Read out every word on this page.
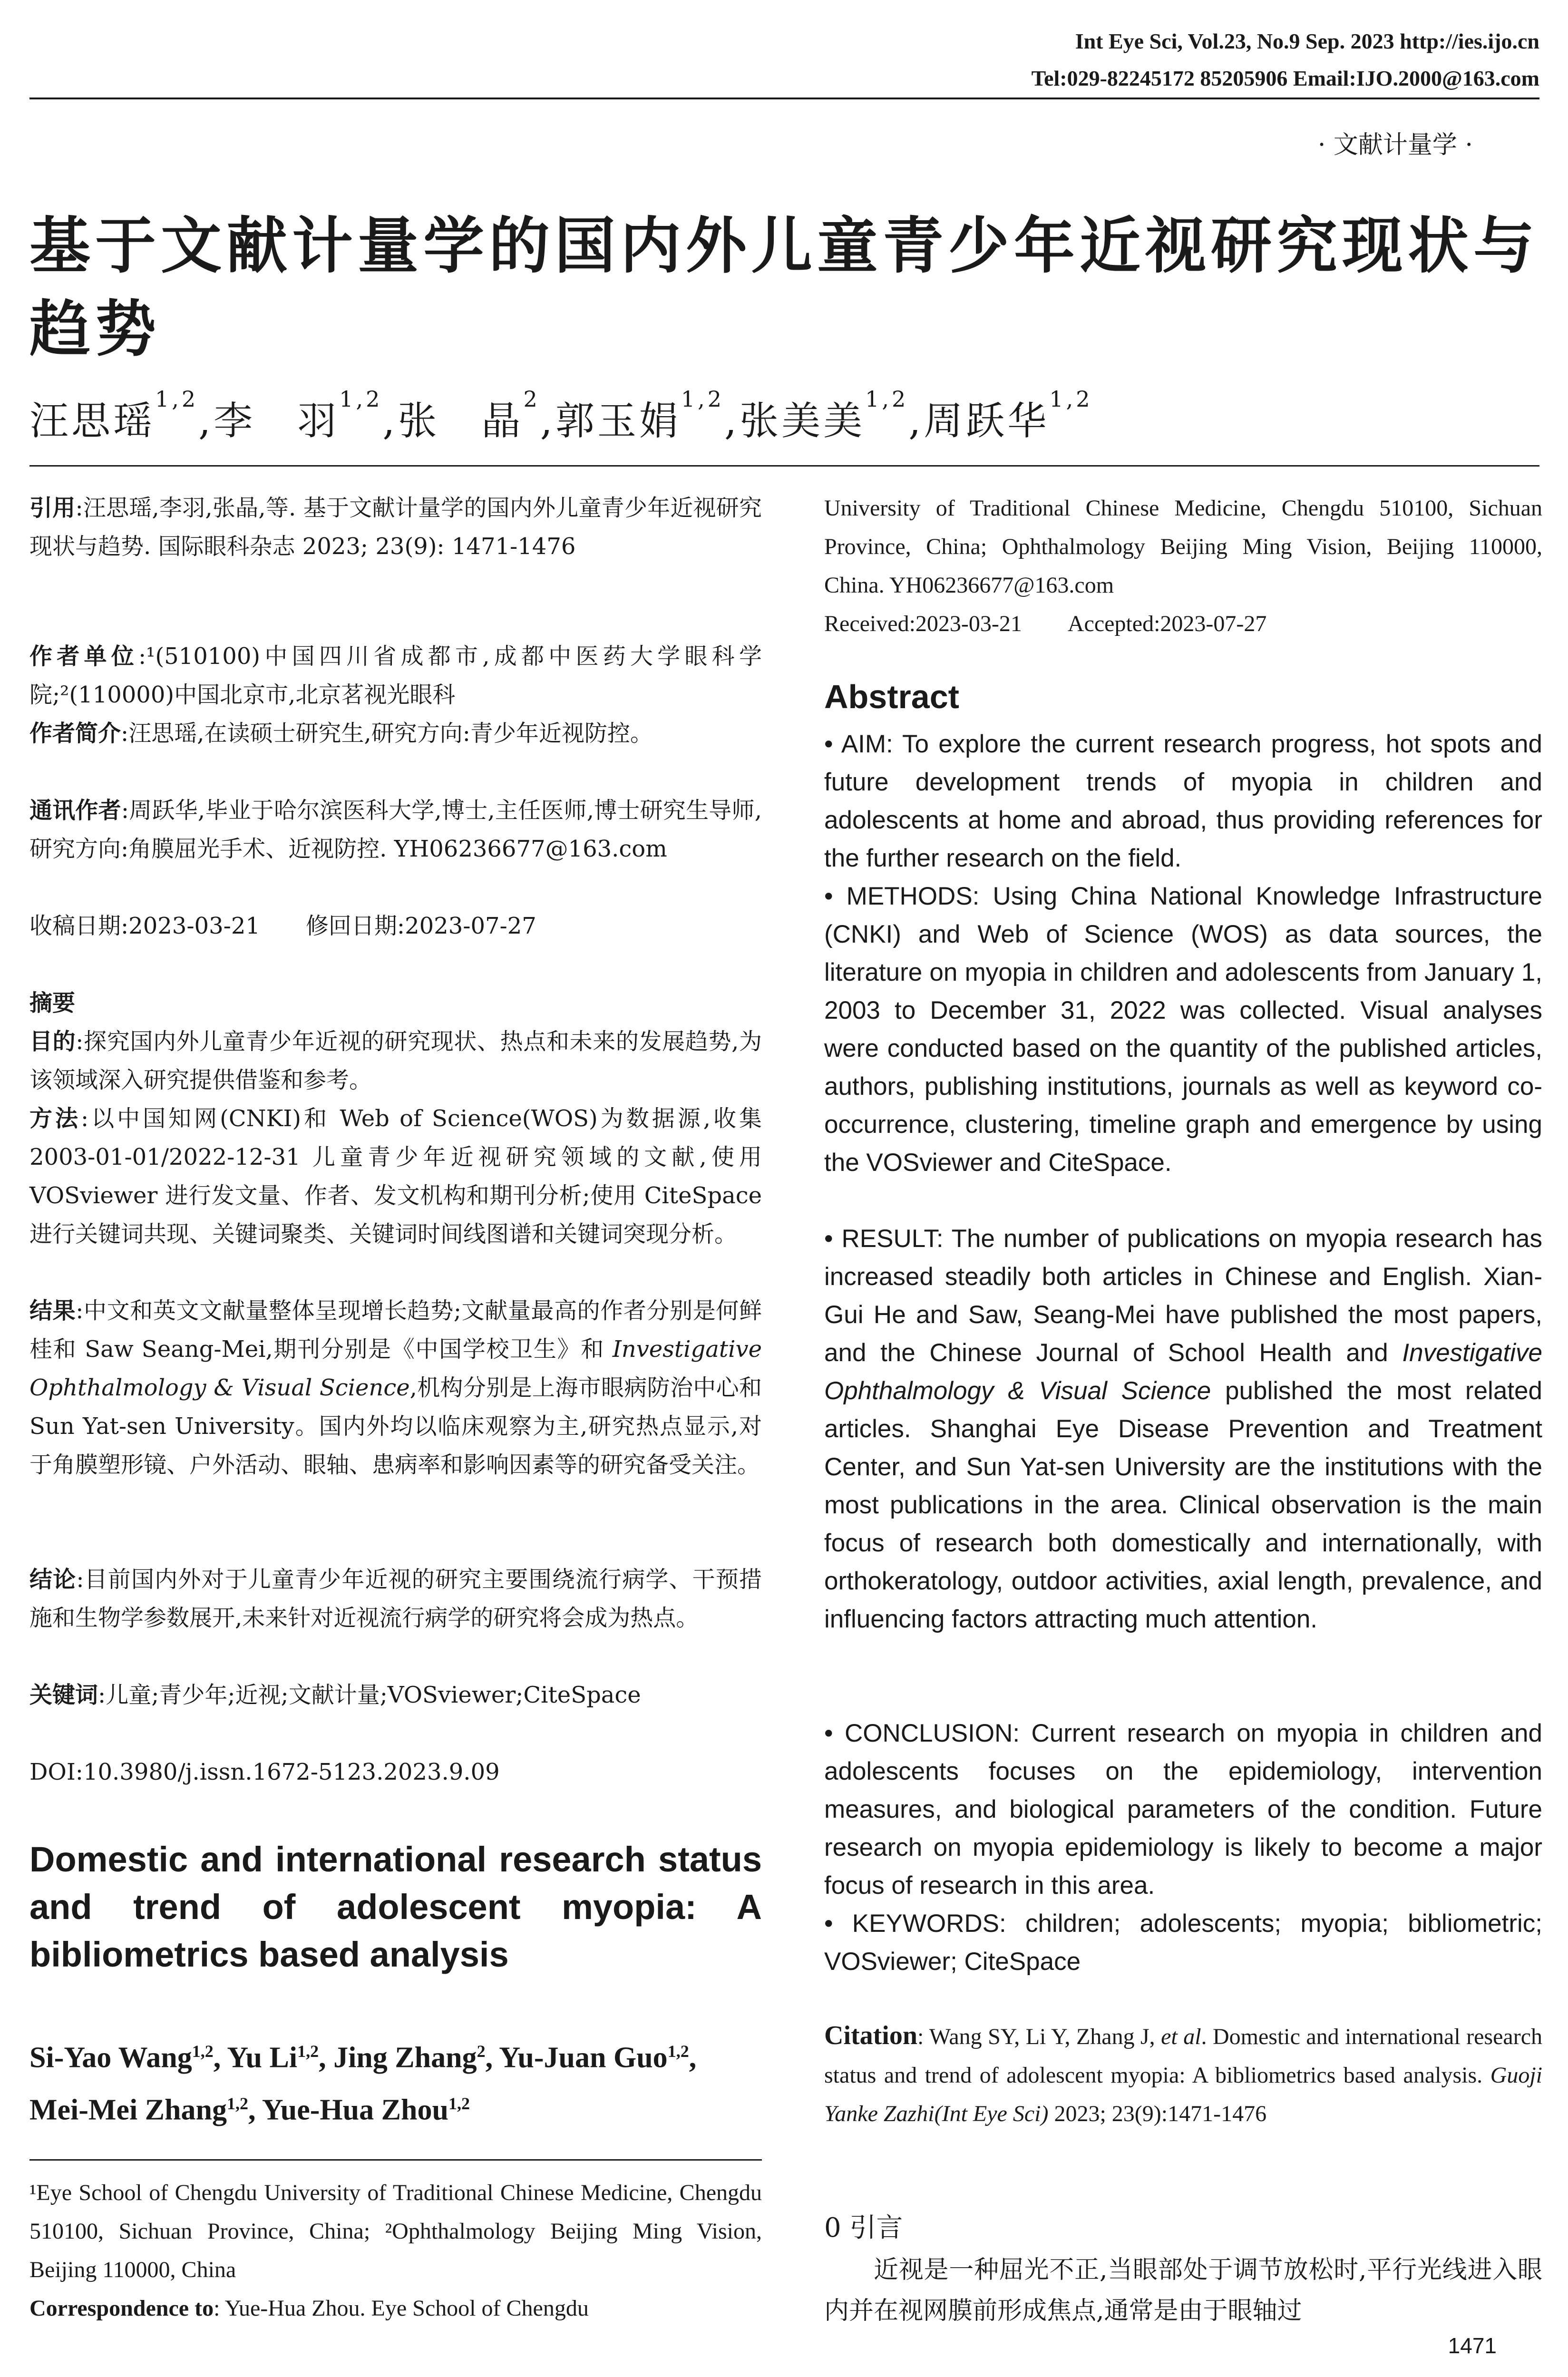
Int Eye Sci, Vol.23, No.9 Sep. 2023 http://ies.ijo.cn
Tel:029-82245172 85205906 Email:IJO.2000@163.com
· 文献计量学 ·
基于文献计量学的国内外儿童青少年近视研究现状与趋势
汪思瑶$^{1,2}$,李　羽$^{1,2}$,张　晶$^2$,郭玉娟$^{1,2}$,张美美$^{1,2}$,周跃华$^{1,2}$
引用:汪思瑶,李羽,张晶,等. 基于文献计量学的国内外儿童青少年近视研究现状与趋势. 国际眼科杂志 2023; 23(9): 1471-1476
作者单位:¹(510100)中国四川省成都市,成都中医药大学眼科学院;²(110000)中国北京市,北京茗视光眼科
作者简介:汪思瑶,在读硕士研究生,研究方向:青少年近视防控。
通讯作者:周跃华,毕业于哈尔滨医科大学,博士,主任医师,博士研究生导师,研究方向:角膜屈光手术、近视防控. YH06236677@163.com
收稿日期:2023-03-21　　修回日期:2023-07-27
摘要
目的:探究国内外儿童青少年近视的研究现状、热点和未来的发展趋势,为该领域深入研究提供借鉴和参考。
方法:以中国知网(CNKI)和 Web of Science(WOS)为数据源,收集 2003-01-01/2022-12-31 儿童青少年近视研究领域的文献,使用 VOSviewer 进行发文量、作者、发文机构和期刊分析;使用 CiteSpace 进行关键词共现、关键词聚类、关键词时间线图谱和关键词突现分析。
结果:中文和英文文献量整体呈现增长趋势;文献量最高的作者分别是何鲜桂和 Saw Seang-Mei,期刊分别是《中国学校卫生》和 Investigative Ophthalmology & Visual Science,机构分别是上海市眼病防治中心和 Sun Yat-sen University。国内外均以临床观察为主,研究热点显示,对于角膜塑形镜、户外活动、眼轴、患病率和影响因素等的研究备受关注。
结论:目前国内外对于儿童青少年近视的研究主要围绕流行病学、干预措施和生物学参数展开,未来针对近视流行病学的研究将会成为热点。
关键词:儿童;青少年;近视;文献计量;VOSviewer;CiteSpace
DOI:10.3980/j.issn.1672-5123.2023.9.09
Domestic and international research status and trend of adolescent myopia: A bibliometrics based analysis
Si-Yao Wang$^{1,2}$, Yu Li$^{1,2}$, Jing Zhang$^2$, Yu-Juan Guo$^{1,2}$, Mei-Mei Zhang$^{1,2}$, Yue-Hua Zhou$^{1,2}$
¹Eye School of Chengdu University of Traditional Chinese Medicine, Chengdu 510100, Sichuan Province, China; ²Ophthalmology Beijing Ming Vision, Beijing 110000, China
Correspondence to: Yue-Hua Zhou. Eye School of Chengdu
University of Traditional Chinese Medicine, Chengdu 510100, Sichuan Province, China; Ophthalmology Beijing Ming Vision, Beijing 110000, China. YH06236677@163.com
Received:2023-03-21　　Accepted:2023-07-27
Abstract
• AIM: To explore the current research progress, hot spots and future development trends of myopia in children and adolescents at home and abroad, thus providing references for the further research on the field.
• METHODS: Using China National Knowledge Infrastructure (CNKI) and Web of Science (WOS) as data sources, the literature on myopia in children and adolescents from January 1, 2003 to December 31, 2022 was collected. Visual analyses were conducted based on the quantity of the published articles, authors, publishing institutions, journals as well as keyword co-occurrence, clustering, timeline graph and emergence by using the VOSviewer and CiteSpace.
• RESULT: The number of publications on myopia research has increased steadily both articles in Chinese and English. Xian-Gui He and Saw, Seang-Mei have published the most papers, and the Chinese Journal of School Health and Investigative Ophthalmology & Visual Science published the most related articles. Shanghai Eye Disease Prevention and Treatment Center, and Sun Yat-sen University are the institutions with the most publications in the area. Clinical observation is the main focus of research both domestically and internationally, with orthokeratology, outdoor activities, axial length, prevalence, and influencing factors attracting much attention.
• CONCLUSION: Current research on myopia in children and adolescents focuses on the epidemiology, intervention measures, and biological parameters of the condition. Future research on myopia epidemiology is likely to become a major focus of research in this area.
• KEYWORDS: children; adolescents; myopia; bibliometric; VOSviewer; CiteSpace
Citation: Wang SY, Li Y, Zhang J, et al. Domestic and international research status and trend of adolescent myopia: A bibliometrics based analysis. Guoji Yanke Zazhi(Int Eye Sci) 2023; 23(9):1471-1476
0 引言
近视是一种屈光不正,当眼部处于调节放松时,平行光线进入眼内并在视网膜前形成焦点,通常是由于眼轴过
1471
